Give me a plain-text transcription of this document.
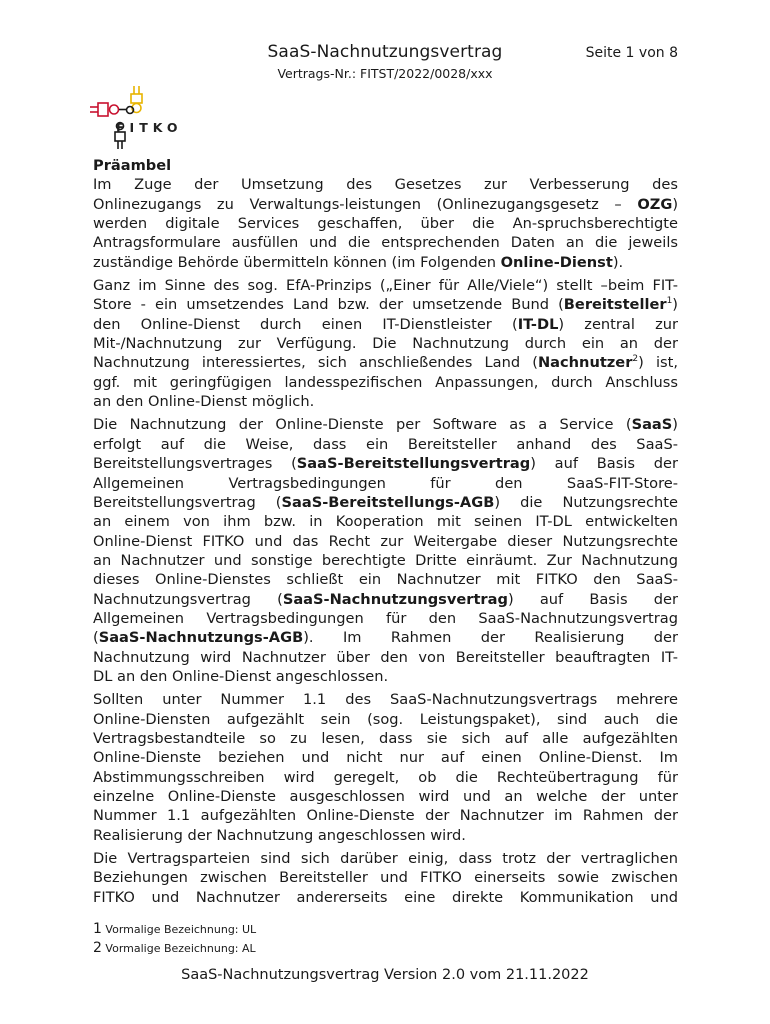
SaaS-Nachnutzungsvertrag	Seite 1 von 8
Vertrags-Nr.: FITST/2022/0028/xxx
FITKO
Präambel

Im Zuge der Umsetzung des Gesetzes zur Verbesserung des
Onlinezugangs zu Verwaltungs-leistungen (Onlinezugangsgesetz – OZG)
werden digitale Services geschaffen, über die An-spruchsberechtigte
Antragsformulare ausfüllen und die entsprechenden Daten an die jeweils
zuständige Behörde übermitteln können (im Folgenden Online-Dienst).

Ganz im Sinne des sog. EfA-Prinzips („Einer für Alle/Viele“) stellt –beim FIT-
Store - ein umsetzendes Land bzw. der umsetzende Bund (Bereitsteller$^1$)
den Online-Dienst durch einen IT-Dienstleister (IT-DL) zentral zur
Mit-/Nachnutzung zur Verfügung. Die Nachnutzung durch ein an der
Nachnutzung interessiertes, sich anschließendes Land (Nachnutzer$^2$) ist,
ggf. mit geringfügigen landesspezifischen Anpassungen, durch Anschluss
an den Online-Dienst möglich.

Die Nachnutzung der Online-Dienste per Software as a Service (SaaS)
erfolgt auf die Weise, dass ein Bereitsteller anhand des SaaS-
Bereitstellungsvertrages (SaaS-Bereitstellungsvertrag) auf Basis der
Allgemeinen Vertragsbedingungen für den SaaS-FIT-Store-
Bereitstellungsvertrag (SaaS-Bereitstellungs-AGB) die Nutzungsrechte
an einem von ihm bzw. in Kooperation mit seinen IT-DL entwickelten
Online-Dienst FITKO und das Recht zur Weitergabe dieser Nutzungsrechte
an Nachnutzer und sonstige berechtigte Dritte einräumt. Zur Nachnutzung
dieses Online-Dienstes schließt ein Nachnutzer mit FITKO den SaaS-
Nachnutzungsvertrag (SaaS-Nachnutzungsvertrag) auf Basis der
Allgemeinen Vertragsbedingungen für den SaaS-Nachnutzungsvertrag
(SaaS-Nachnutzungs-AGB). Im Rahmen der Realisierung der
Nachnutzung wird Nachnutzer über den von Bereitsteller beauftragten IT-
DL an den Online-Dienst angeschlossen.

Sollten unter Nummer 1.1 des SaaS-Nachnutzungsvertrags mehrere
Online-Diensten aufgezählt sein (sog. Leistungspaket), sind auch die
Vertragsbestandteile so zu lesen, dass sie sich auf alle aufgezählten
Online-Dienste beziehen und nicht nur auf einen Online-Dienst. Im
Abstimmungsschreiben wird geregelt, ob die Rechteübertragung für
einzelne Online-Dienste ausgeschlossen wird und an welche der unter
Nummer 1.1 aufgezählten Online-Dienste der Nachnutzer im Rahmen der
Realisierung der Nachnutzung angeschlossen wird.

Die Vertragsparteien sind sich darüber einig, dass trotz der vertraglichen
Beziehungen zwischen Bereitsteller und FITKO einerseits sowie zwischen
FITKO und Nachnutzer andererseits eine direkte Kommunikation und

1 Vormalige Bezeichnung: UL
2 Vormalige Bezeichnung: AL
SaaS-Nachnutzungsvertrag Version 2.0 vom 21.11.2022
